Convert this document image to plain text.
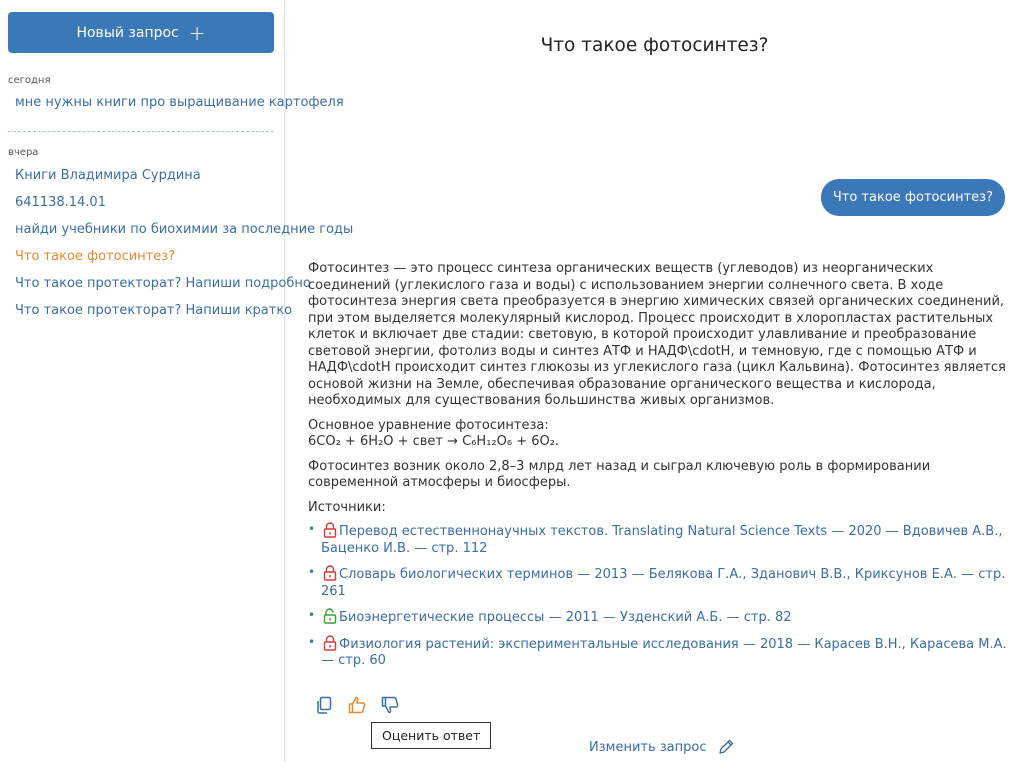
Новый запрос +
сегодня
мне нужны книги про выращивание картофеля
вчера
Книги Владимира Сурдина
641138.14.01
найди учебники по биохимии за последние годы
Что такое фотосинтез?
Что такое протекторат? Напиши подробно
Что такое протекторат? Напиши кратко
Что такое фотосинтез?
Что такое фотосинтез?

Фотосинтез — это процесс синтеза органических веществ (углеводов) из неорганических соединений (углекислого газа и воды) с использованием энергии солнечного света. В ходе фотосинтеза энергия света преобразуется в энергию химических связей органических соединений, при этом выделяется молекулярный кислород. Процесс происходит в хлоропластах растительных клеток и включает две стадии: световую, в которой происходит улавливание и преобразование световой энергии, фотолиз воды и синтез АТФ и НАДФ\cdotH, и темновую, где с помощью АТФ и НАДФ\cdotH происходит синтез глюкозы из углекислого газа (цикл Кальвина). Фотосинтез является основой жизни на Земле, обеспечивая образование органического вещества и кислорода, необходимых для существования большинства живых организмов.

Основное уравнение фотосинтеза:
6CO₂ + 6H₂O + свет → C₆H₁₂O₆ + 6O₂.

Фотосинтез возник около 2,8–3 млрд лет назад и сыграл ключевую роль в формировании современной атмосферы и биосферы.

Источники:

• Перевод естественнонаучных текстов. Translating Natural Science Texts — 2020 — Вдовичев А.В., Баценко И.В. — стр. 112
• Словарь биологических терминов — 2013 — Белякова Г.А., Зданович В.В., Криксунов Е.А. — стр. 261
• Биоэнергетические процессы — 2011 — Узденский А.Б. — стр. 82
• Физиология растений: экспериментальные исследования — 2018 — Карасев В.Н., Карасева М.А. — стр. 60
Оценить ответ
Изменить запрос
